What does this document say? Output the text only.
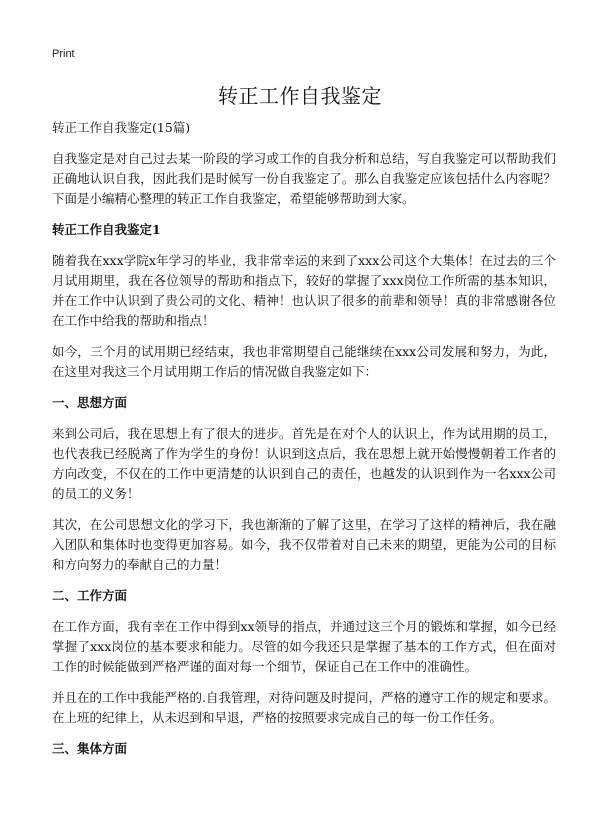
Print
转正工作自我鉴定

转正工作自我鉴定(15篇)

自我鉴定是对自己过去某一阶段的学习或工作的自我分析和总结，写自我鉴定可以帮助我们正确地认识自我，因此我们是时候写一份自我鉴定了。那么自我鉴定应该包括什么内容呢？下面是小编精心整理的转正工作自我鉴定，希望能够帮助到大家。

转正工作自我鉴定1

随着我在xxx学院x年学习的毕业，我非常幸运的来到了xxx公司这个大集体！在过去的三个月试用期里，我在各位领导的帮助和指点下，较好的掌握了xxx岗位工作所需的基本知识，并在工作中认识到了贵公司的文化、精神！也认识了很多的前辈和领导！真的非常感谢各位在工作中给我的帮助和指点！

如今，三个月的试用期已经结束，我也非常期望自己能继续在xxx公司发展和努力，为此，在这里对我这三个月试用期工作后的情况做自我鉴定如下：

一、思想方面

来到公司后，我在思想上有了很大的进步。首先是在对个人的认识上，作为试用期的员工，也代表我已经脱离了作为学生的身份！认识到这点后，我在思想上就开始慢慢朝着工作者的方向改变，不仅在的工作中更清楚的认识到自己的责任，也越发的认识到作为一名xxx公司的员工的义务！

其次，在公司思想文化的学习下，我也渐渐的了解了这里，在学习了这样的精神后，我在融入团队和集体时也变得更加容易。如今，我不仅带着对自己未来的期望，更能为公司的目标和方向努力的奉献自己的力量！

二、工作方面

在工作方面，我有幸在工作中得到xx领导的指点，并通过这三个月的锻炼和掌握，如今已经掌握了xxx岗位的基本要求和能力。尽管的如今我还只是掌握了基本的工作方式，但在面对工作的时候能做到严格严谨的面对每一个细节，保证自己在工作中的准确性。

并且在的工作中我能严格的.自我管理，对待问题及时提问，严格的遵守工作的规定和要求。在上班的纪律上，从未迟到和早退，严格的按照要求完成自己的每一份工作任务。

三、集体方面
